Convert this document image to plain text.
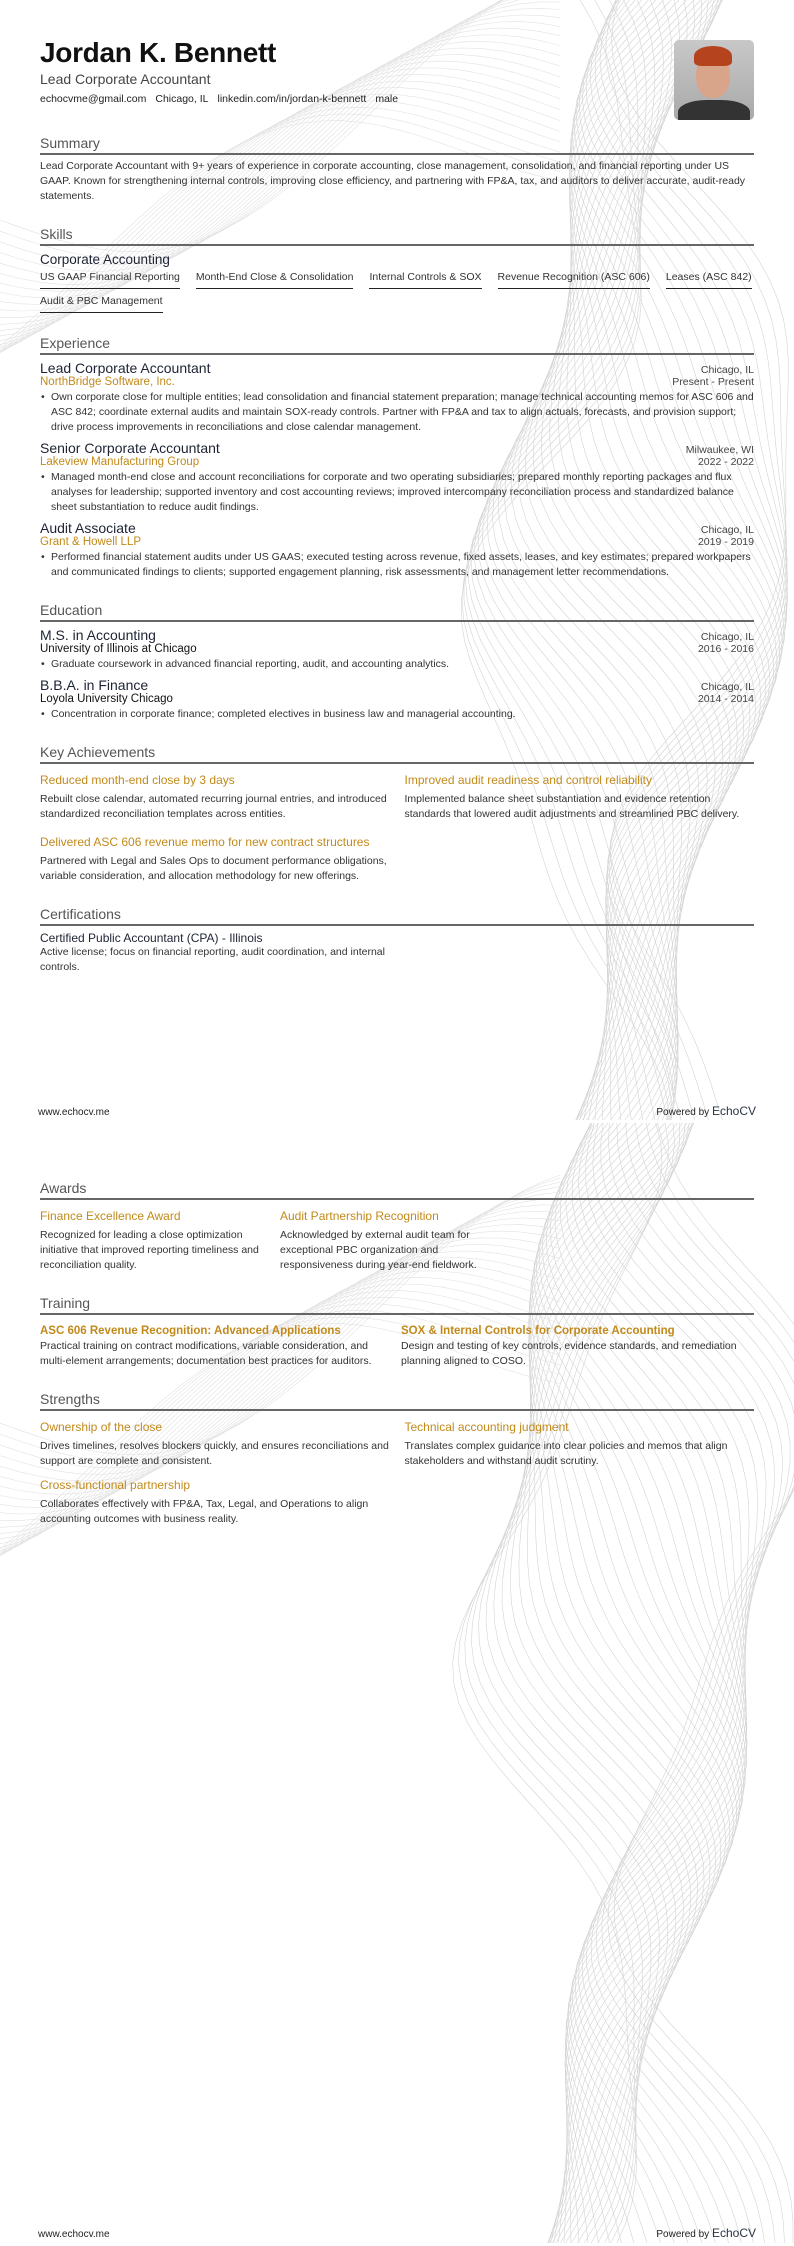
Jordan K. Bennett
Lead Corporate Accountant
echocvme@gmail.com Chicago, IL linkedin.com/in/jordan-k-bennett male
Summary
Lead Corporate Accountant with 9+ years of experience in corporate accounting, close management, consolidation, and financial reporting under US GAAP. Known for strengthening internal controls, improving close efficiency, and partnering with FP&A, tax, and auditors to deliver accurate, audit-ready statements.
Skills
Corporate Accounting
US GAAP Financial Reporting Month-End Close & Consolidation Internal Controls & SOX Revenue Recognition (ASC 606) Leases (ASC 842)
Audit & PBC Management
Experience
Lead Corporate Accountant	Chicago, IL
NorthBridge Software, Inc.	Present - Present
• Own corporate close for multiple entities; lead consolidation and financial statement preparation; manage technical accounting memos for ASC 606 and ASC 842; coordinate external audits and maintain SOX-ready controls. Partner with FP&A and tax to align actuals, forecasts, and provision support; drive process improvements in reconciliations and close calendar management.
Senior Corporate Accountant	Milwaukee, WI
Lakeview Manufacturing Group	2022 - 2022
• Managed month-end close and account reconciliations for corporate and two operating subsidiaries; prepared monthly reporting packages and flux analyses for leadership; supported inventory and cost accounting reviews; improved intercompany reconciliation process and standardized balance sheet substantiation to reduce audit findings.
Audit Associate	Chicago, IL
Grant & Howell LLP	2019 - 2019
• Performed financial statement audits under US GAAS; executed testing across revenue, fixed assets, leases, and key estimates; prepared workpapers and communicated findings to clients; supported engagement planning, risk assessments, and management letter recommendations.
Education
M.S. in Accounting	Chicago, IL
University of Illinois at Chicago	2016 - 2016
• Graduate coursework in advanced financial reporting, audit, and accounting analytics.
B.B.A. in Finance	Chicago, IL
Loyola University Chicago	2014 - 2014
• Concentration in corporate finance; completed electives in business law and managerial accounting.
Key Achievements
Reduced month-end close by 3 days
Rebuilt close calendar, automated recurring journal entries, and introduced standardized reconciliation templates across entities.
Improved audit readiness and control reliability
Implemented balance sheet substantiation and evidence retention standards that lowered audit adjustments and streamlined PBC delivery.
Delivered ASC 606 revenue memo for new contract structures
Partnered with Legal and Sales Ops to document performance obligations, variable consideration, and allocation methodology for new offerings.
Certifications
Certified Public Accountant (CPA) - Illinois
Active license; focus on financial reporting, audit coordination, and internal controls.
www.echocv.me	Powered by EchoCV
Awards
Finance Excellence Award
Recognized for leading a close optimization initiative that improved reporting timeliness and reconciliation quality.
Audit Partnership Recognition
Acknowledged by external audit team for exceptional PBC organization and responsiveness during year-end fieldwork.
Training
ASC 606 Revenue Recognition: Advanced Applications
Practical training on contract modifications, variable consideration, and multi-element arrangements; documentation best practices for auditors.
SOX & Internal Controls for Corporate Accounting
Design and testing of key controls, evidence standards, and remediation planning aligned to COSO.
Strengths
Ownership of the close
Drives timelines, resolves blockers quickly, and ensures reconciliations and support are complete and consistent.
Technical accounting judgment
Translates complex guidance into clear policies and memos that align stakeholders and withstand audit scrutiny.
Cross-functional partnership
Collaborates effectively with FP&A, Tax, Legal, and Operations to align accounting outcomes with business reality.
www.echocv.me	Powered by EchoCV
